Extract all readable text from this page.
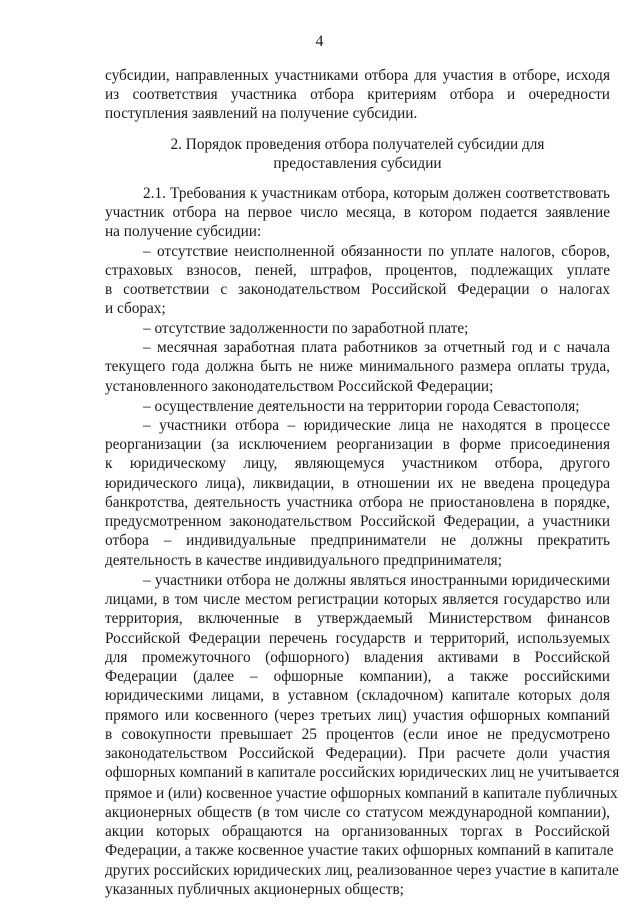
4
субсидии, направленных участниками отбора для участия в отборе, исходя
из соответствия участника отбора критериям отбора и очередности
поступления заявлений на получение субсидии.
2. Порядок проведения отбора получателей субсидии для
предоставления субсидии
2.1. Требования к участникам отбора, которым должен соответствовать
участник отбора на первое число месяца, в котором подается заявление
на получение субсидии:
– отсутствие неисполненной обязанности по уплате налогов, сборов,
страховых взносов, пеней, штрафов, процентов, подлежащих уплате
в соответствии с законодательством Российской Федерации о налогах
и сборах;
– отсутствие задолженности по заработной плате;
– месячная заработная плата работников за отчетный год и с начала
текущего года должна быть не ниже минимального размера оплаты труда,
установленного законодательством Российской Федерации;
– осуществление деятельности на территории города Севастополя;
– участники отбора – юридические лица не находятся в процессе
реорганизации (за исключением реорганизации в форме присоединения
к юридическому лицу, являющемуся участником отбора, другого
юридического лица), ликвидации, в отношении их не введена процедура
банкротства, деятельность участника отбора не приостановлена в порядке,
предусмотренном законодательством Российской Федерации, а участники
отбора – индивидуальные предприниматели не должны прекратить
деятельность в качестве индивидуального предпринимателя;
– участники отбора не должны являться иностранными юридическими
лицами, в том числе местом регистрации которых является государство или
территория, включенные в утверждаемый Министерством финансов
Российской Федерации перечень государств и территорий, используемых
для промежуточного (офшорного) владения активами в Российской
Федерации (далее – офшорные компании), а также российскими
юридическими лицами, в уставном (складочном) капитале которых доля
прямого или косвенного (через третьих лиц) участия офшорных компаний
в совокупности превышает 25 процентов (если иное не предусмотрено
законодательством Российской Федерации). При расчете доли участия
офшорных компаний в капитале российских юридических лиц не учитывается
прямое и (или) косвенное участие офшорных компаний в капитале публичных
акционерных обществ (в том числе со статусом международной компании),
акции которых обращаются на организованных торгах в Российской
Федерации, а также косвенное участие таких офшорных компаний в капитале
других российских юридических лиц, реализованное через участие в капитале
указанных публичных акционерных обществ;
